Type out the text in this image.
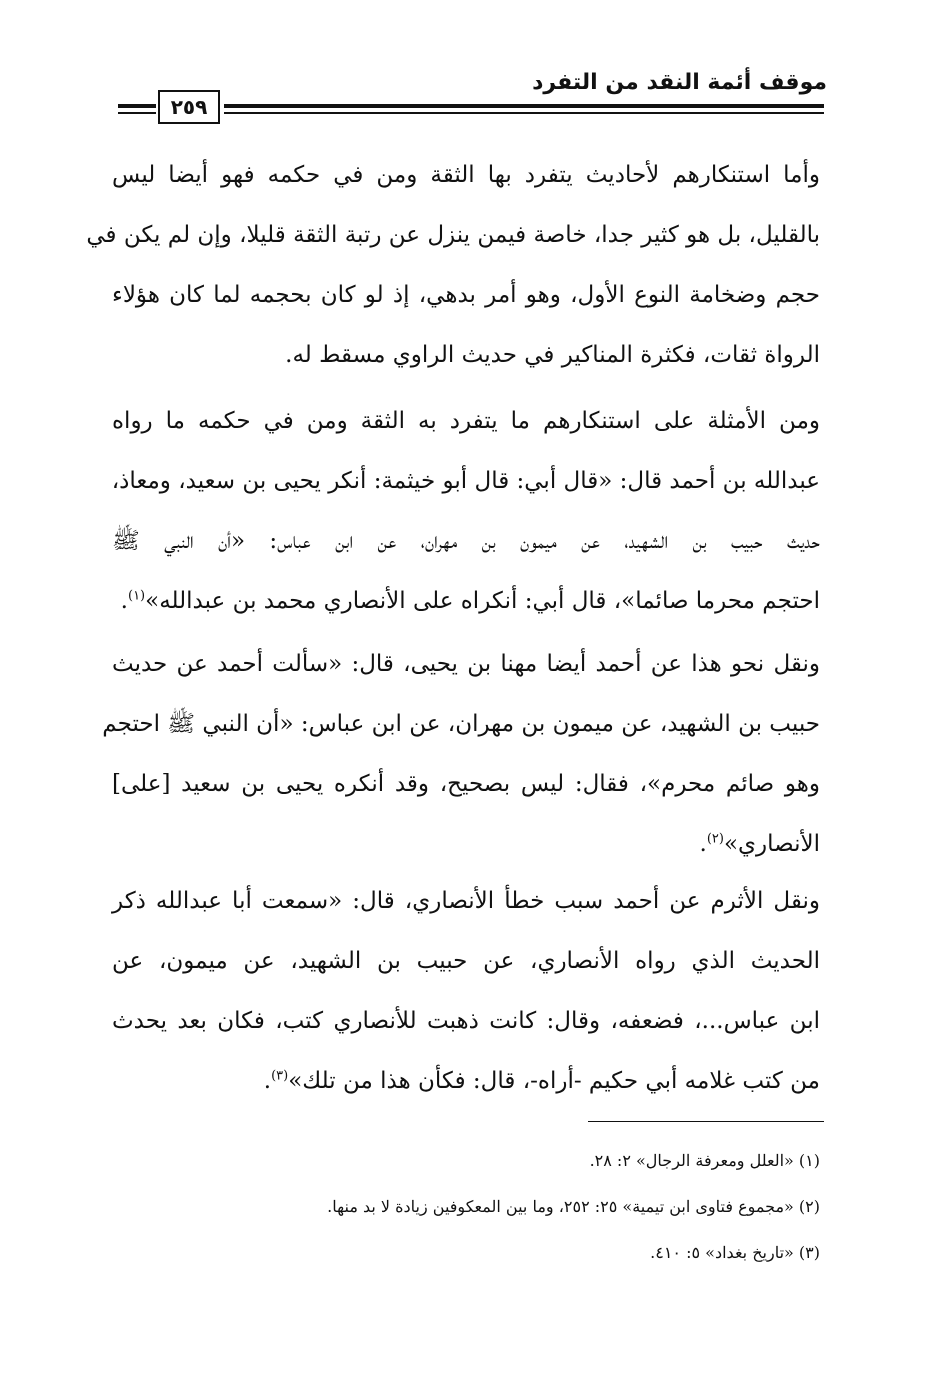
موقف أئمة النقد من التفرد
٢٥٩
وأما استنكارهم لأحاديث يتفرد بها الثقة ومن في حكمه فهو أيضا ليس
بالقليل، بل هو كثير جدا، خاصة فيمن ينزل عن رتبة الثقة قليلا، وإن لم يكن في
حجم وضخامة النوع الأول، وهو أمر بدهي، إذ لو كان بحجمه لما كان هؤلاء
الرواة ثقات، فكثرة المناكير في حديث الراوي مسقط له.
ومن الأمثلة على استنكارهم ما يتفرد به الثقة ومن في حكمه ما رواه
عبدالله بن أحمد قال: «قال أبي: قال أبو خيثمة: أنكر يحيى بن سعيد، ومعاذ،
حديث حبيب بن الشهيد، عن ميمون بن مهران، عن ابن عباس: «أن النبي ﷺ
احتجم محرما صائما»، قال أبي: أنكراه على الأنصاري محمد بن عبدالله»$^{(١)}$.
ونقل نحو هذا عن أحمد أيضا مهنا بن يحيى، قال: «سألت أحمد عن حديث
حبيب بن الشهيد، عن ميمون بن مهران، عن ابن عباس: «أن النبي ﷺ احتجم
وهو صائم محرم»، فقال: ليس بصحيح، وقد أنكره يحيى بن سعيد [على]
الأنصاري»$^{(٢)}$.
ونقل الأثرم عن أحمد سبب خطأ الأنصاري، قال: «سمعت أبا عبدالله ذكر
الحديث الذي رواه الأنصاري، عن حبيب بن الشهيد، عن ميمون، عن
ابن عباس...، فضعفه، وقال: كانت ذهبت للأنصاري كتب، فكان بعد يحدث
من كتب غلامه أبي حكيم -أراه-، قال: فكأن هذا من تلك»$^{(٣)}$.
(١) «العلل ومعرفة الرجال» ٢: ٢٨.
(٢) «مجموع فتاوى ابن تيمية» ٢٥: ٢٥٢، وما بين المعكوفين زيادة لا بد منها.
(٣) «تاريخ بغداد» ٥: ٤١٠.
